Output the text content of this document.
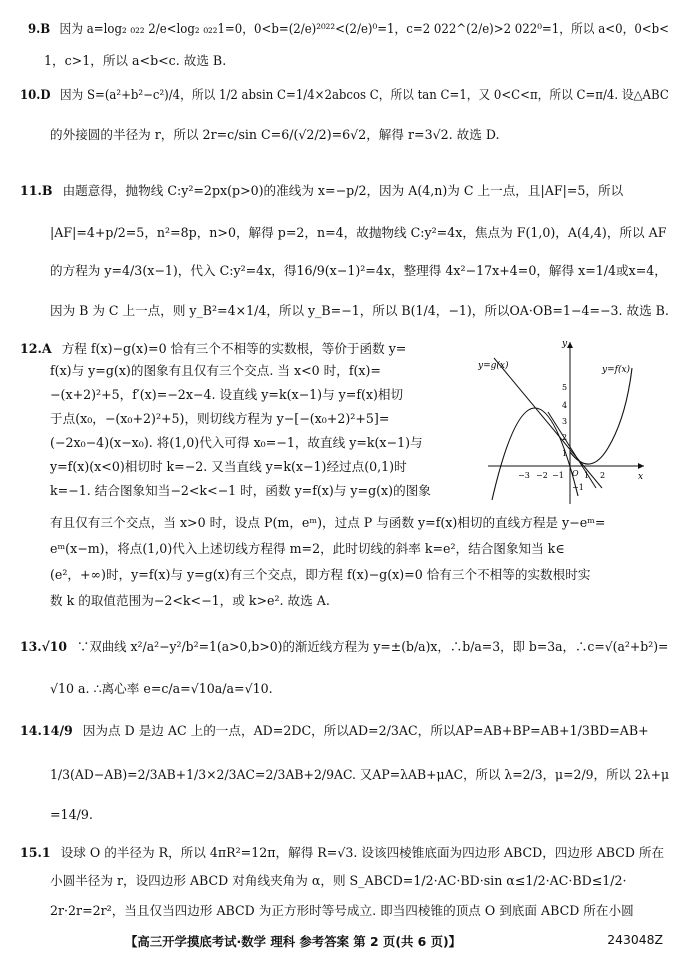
9.B 因为 a=log₂ ₀₂₂ 2/e<log₂ ₀₂₂1=0，0<b=(2/e)²⁰²²<(2/e)⁰=1，c=2 022^(2/e)>2 022⁰=1，所以 a<0，0<b<
1，c>1，所以 a<b<c. 故选 B.
10.D 因为 S=(a²+b²−c²)/4，所以 1/2 absin C=1/4×2abcos C，所以 tan C=1，又 0<C<π，所以 C=π/4. 设△ABC
的外接圆的半径为 r，所以 2r=c/sin C=6/(√2/2)=6√2，解得 r=3√2. 故选 D.
11.B 由题意得，抛物线 C:y²=2px(p>0)的准线为 x=−p/2，因为 A(4,n)为 C 上一点，且|AF|=5，所以
|AF|=4+p/2=5，n²=8p，n>0，解得 p=2，n=4，故抛物线 C:y²=4x，焦点为 F(1,0)，A(4,4)，所以 AF
的方程为 y=4/3(x−1)，代入 C:y²=4x，得16/9(x−1)²=4x，整理得 4x²−17x+4=0，解得 x=1/4或x=4，
因为 B 为 C 上一点，则 y_B²=4×1/4，所以 y_B=−1，所以 B(1/4，−1)，所以OA·OB=1−4=−3. 故选 B.
12.A 方程 f(x)−g(x)=0 恰有三个不相等的实数根，等价于函数 y=
f(x)与 y=g(x)的图象有且仅有三个交点. 当 x<0 时，f(x)=
−(x+2)²+5，f′(x)=−2x−4. 设直线 y=k(x−1)与 y=f(x)相切
于点(x₀，−(x₀+2)²+5)，则切线方程为 y−[−(x₀+2)²+5]=
(−2x₀−4)(x−x₀). 将(1,0)代入可得 x₀=−1，故直线 y=k(x−1)与
y=f(x)(x<0)相切时 k=−2. 又当直线 y=k(x−1)经过点(0,1)时
k=−1. 结合图象知当−2<k<−1 时，函数 y=f(x)与 y=g(x)的图象
有且仅有三个交点，当 x>0 时，设点 P(m，eᵐ)，过点 P 与函数 y=f(x)相切的直线方程是 y−eᵐ=
eᵐ(x−m)，将点(1,0)代入上述切线方程得 m=2，此时切线的斜率 k=e²，结合图象知当 k∈
(e²，+∞)时，y=f(x)与 y=g(x)有三个交点，即方程 f(x)−g(x)=0 恰有三个不相等的实数根时实
数 k 的取值范围为−2<k<−1，或 k>e². 故选 A.
y=g(x)	y=f(x)
y
x
O
−3 −2 −1	1 2
5
4
3
2
1
−1
13.√10 ∵双曲线 x²/a²−y²/b²=1(a>0,b>0)的渐近线方程为 y=±(b/a)x，∴b/a=3，即 b=3a，∴c=√(a²+b²)=
√10 a. ∴离心率 e=c/a=√10a/a=√10.
14.14/9 因为点 D 是边 AC 上的一点，AD=2DC，所以AD=2/3AC，所以AP=AB+BP=AB+1/3BD=AB+
1/3(AD−AB)=2/3AB+1/3×2/3AC=2/3AB+2/9AC. 又AP=λAB+μAC，所以 λ=2/3，μ=2/9，所以 2λ+μ
=14/9.
15.1 设球 O 的半径为 R，所以 4πR²=12π，解得 R=√3. 设该四棱锥底面为四边形 ABCD，四边形 ABCD 所在
小圆半径为 r，设四边形 ABCD 对角线夹角为 α，则 S_ABCD=1/2·AC·BD·sin α≤1/2·AC·BD≤1/2·
2r·2r=2r²，当且仅当四边形 ABCD 为正方形时等号成立. 即当四棱锥的顶点 O 到底面 ABCD 所在小圆
【高三开学摸底考试·数学 理科 参考答案 第 2 页(共 6 页)】	243048Z
